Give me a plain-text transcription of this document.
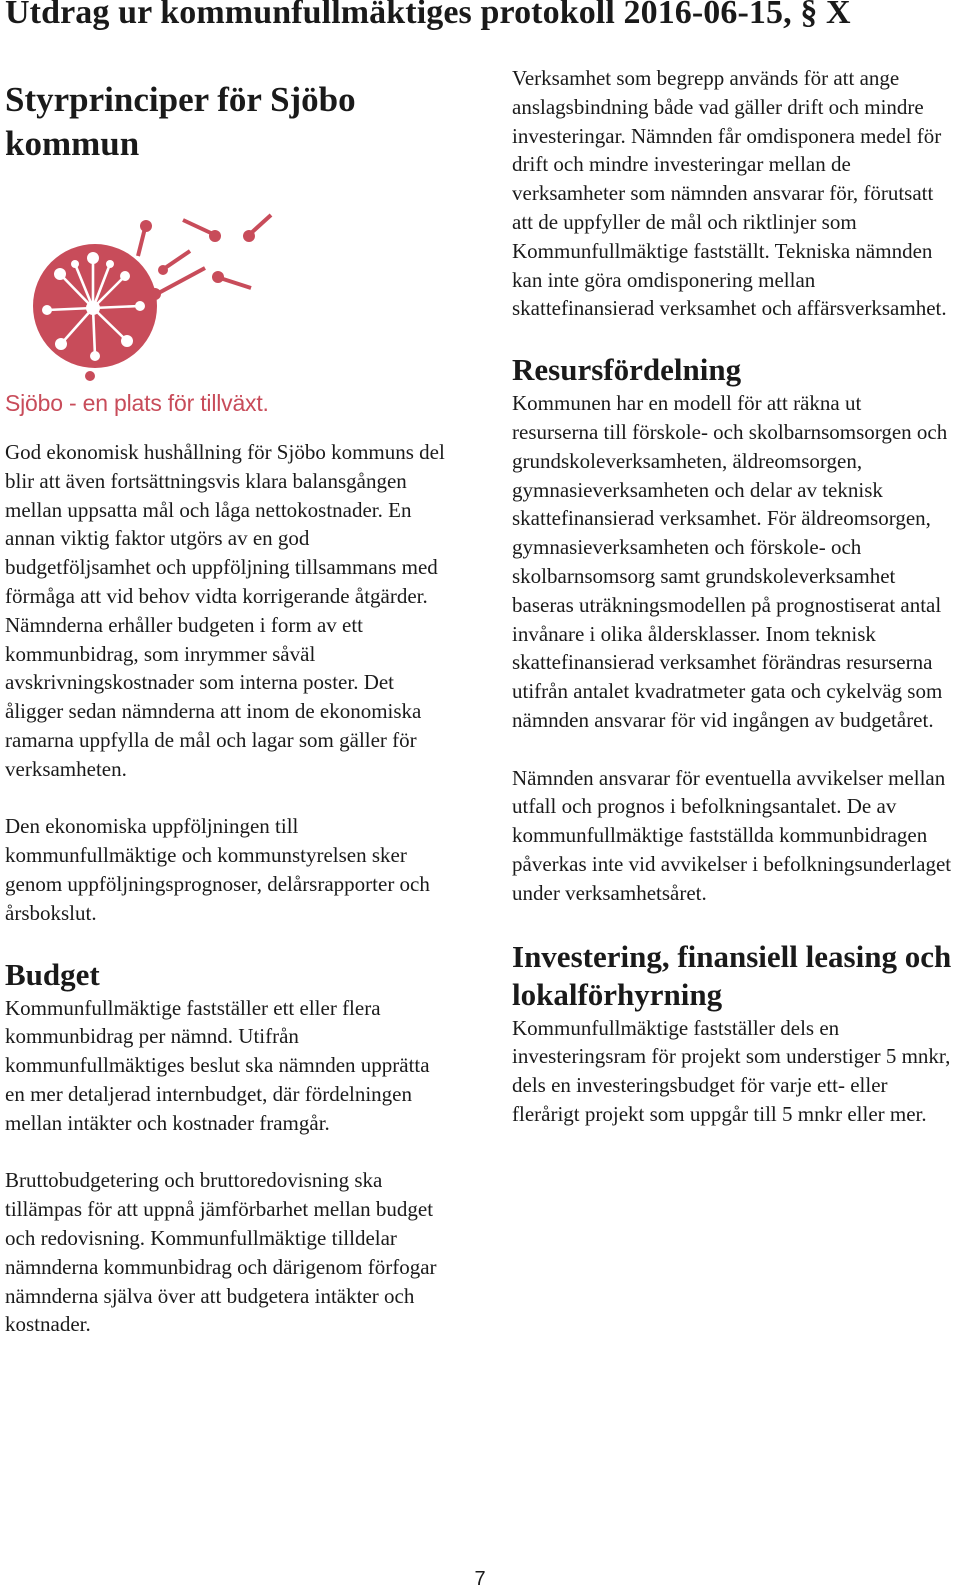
Utdrag ur kommunfullmäktiges protokoll 2016-06-15, § X
Styrprinciper för Sjöbo kommun
Sjöbo - en plats för tillväxt.

God ekonomisk hushållning för Sjöbo kommuns del blir att även fortsättningsvis klara balansgången mellan uppsatta mål och låga nettokostnader. En annan viktig faktor utgörs av en god budgetföljsamhet och uppföljning tillsammans med förmåga att vid behov vidta korrigerande åtgärder. Nämnderna erhåller budgeten i form av ett kommunbidrag, som inrymmer såväl avskrivningskostnader som interna poster. Det åligger sedan nämnderna att inom de ekonomiska ramarna uppfylla de mål och lagar som gäller för verksamheten.

Den ekonomiska uppföljningen till kommunfullmäktige och kommunstyrelsen sker genom uppföljningsprognoser, delårsrapporter och årsbokslut.

Budget

Kommunfullmäktige fastställer ett eller flera kommunbidrag per nämnd. Utifrån kommunfullmäktiges beslut ska nämnden upprätta en mer detaljerad internbudget, där fördelningen mellan intäkter och kostnader framgår.

Bruttobudgetering och bruttoredovisning ska tillämpas för att uppnå jämförbarhet mellan budget och redovisning. Kommunfullmäktige tilldelar nämnderna kommunbidrag och därigenom förfogar nämnderna själva över att budgetera intäkter och kostnader.

Verksamhet som begrepp används för att ange anslagsbindning både vad gäller drift och mindre investeringar. Nämnden får omdisponera medel för drift och mindre investeringar mellan de verksamheter som nämnden ansvarar för, förutsatt att de uppfyller de mål och riktlinjer som Kommunfullmäktige fastställt. Tekniska nämnden kan inte göra omdisponering mellan skattefinansierad verksamhet och affärsverksamhet.

Resursfördelning

Kommunen har en modell för att räkna ut resurserna till förskole- och skolbarnsomsorgen och grundskoleverksamheten, äldreomsorgen, gymnasieverksamheten och delar av teknisk skattefinansierad verksamhet. För äldreomsorgen, gymnasieverksamheten och förskole- och skolbarnsomsorg samt grundskoleverksamhet baseras uträkningsmodellen på prognostiserat antal invånare i olika åldersklasser. Inom teknisk skattefinansierad verksamhet förändras resurserna utifrån antalet kvadratmeter gata och cykelväg som nämnden ansvarar för vid ingången av budgetåret.

Nämnden ansvarar för eventuella avvikelser mellan utfall och prognos i befolkningsantalet. De av kommunfullmäktige fastställda kommunbidragen påverkas inte vid avvikelser i befolkningsunderlaget under verksamhetsåret.

Investering, finansiell leasing och lokalförhyrning

Kommunfullmäktige fastställer dels en investeringsram för projekt som understiger 5 mnkr, dels en investeringsbudget för varje ett- eller flerårigt projekt som uppgår till 5 mnkr eller mer.

7
